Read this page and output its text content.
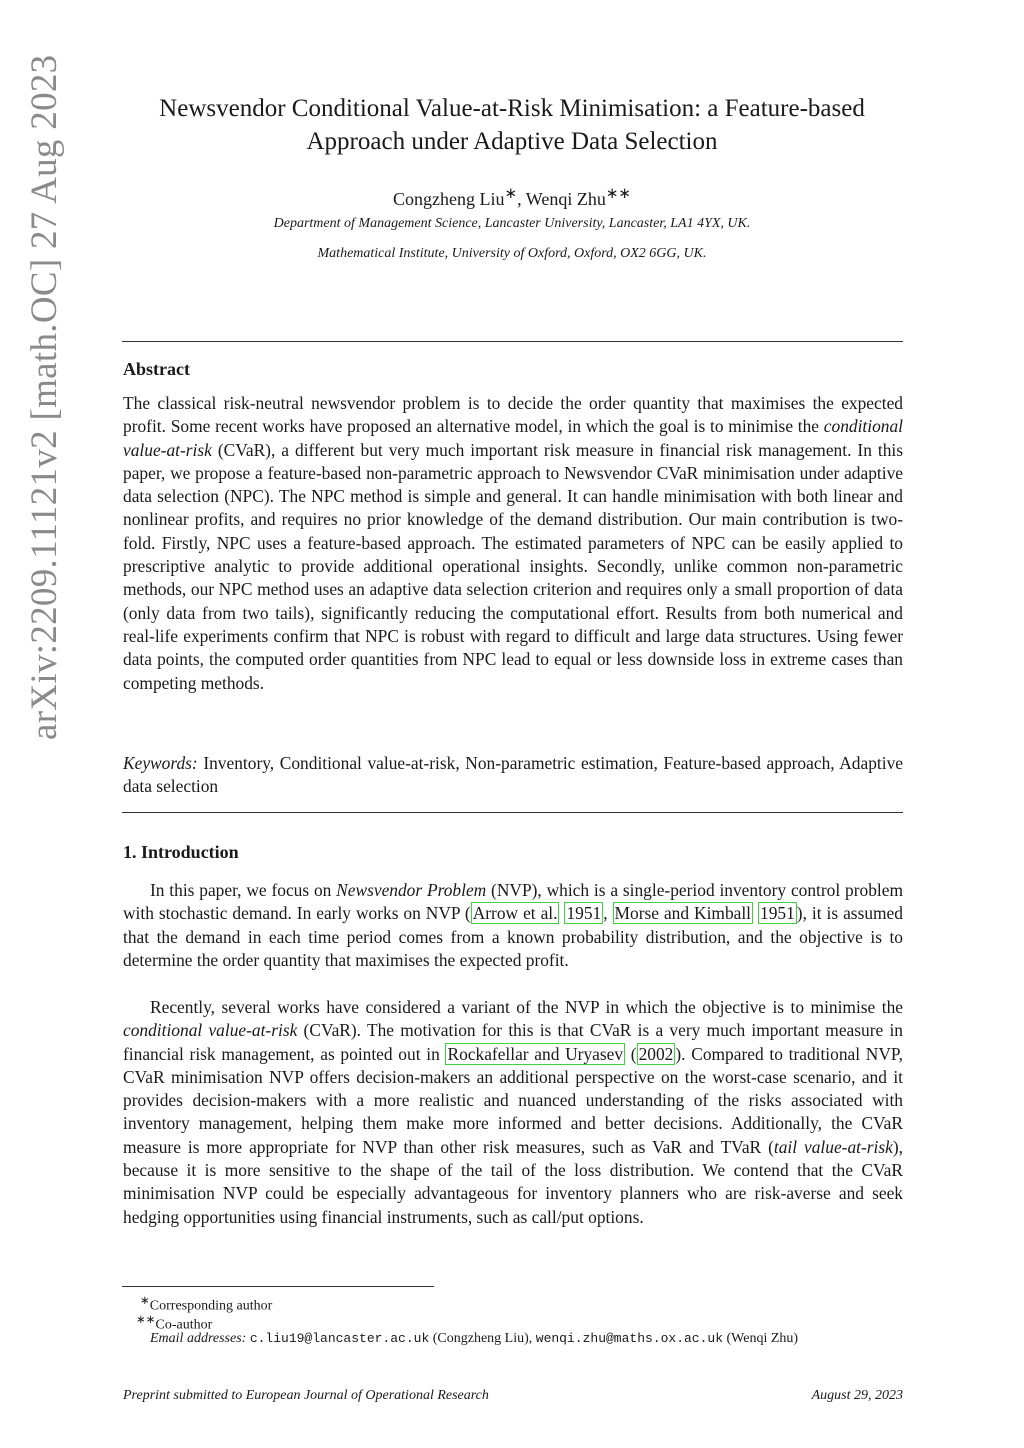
arXiv:2209.11121v2 [math.OC] 27 Aug 2023	Newsvendor Conditional Value-at-Risk Minimisation: a Feature-based
Approach under Adaptive Data Selection
Congzheng Liu∗, Wenqi Zhu∗∗
Department of Management Science, Lancaster University, Lancaster, LA1 4YX, UK.
Mathematical Institute, University of Oxford, Oxford, OX2 6GG, UK.
Abstract
The classical risk-neutral newsvendor problem is to decide the order quantity that maximises the expected profit. Some recent works have proposed an alternative model, in which the goal is to minimise the conditional value-at-risk (CVaR), a different but very much important risk measure in financial risk management. In this paper, we propose a feature-based non-parametric approach to Newsvendor CVaR minimisation under adaptive data selection (NPC). The NPC method is simple and general. It can handle minimisation with both linear and nonlinear profits, and requires no prior knowledge of the demand distribution. Our main contribution is two-fold. Firstly, NPC uses a feature-based approach. The estimated parameters of NPC can be easily applied to prescriptive analytic to provide additional operational insights. Secondly, unlike common non-parametric methods, our NPC method uses an adaptive data selection criterion and requires only a small proportion of data (only data from two tails), significantly reducing the computational effort. Results from both numerical and real-life experiments confirm that NPC is robust with regard to difficult and large data structures. Using fewer data points, the computed order quantities from NPC lead to equal or less downside loss in extreme cases than competing methods.
Keywords: Inventory, Conditional value-at-risk, Non-parametric estimation, Feature-based approach, Adaptive data selection
1. Introduction
In this paper, we focus on Newsvendor Problem (NVP), which is a single-period inventory control problem with stochastic demand. In early works on NVP ( Arrow et al. 1951 , Morse and Kimball 1951 ), it is assumed that the demand in each time period comes from a known probability distribution, and the objective is to determine the order quantity that maximises the expected profit.
Recently, several works have considered a variant of the NVP in which the objective is to minimise the conditional value-at-risk (CVaR). The motivation for this is that CVaR is a very much important measure in financial risk management, as pointed out in Rockafellar and Uryasev ( 2002 ). Compared to traditional NVP, CVaR minimisation NVP offers decision-makers an additional perspective on the worst-case scenario, and it provides decision-makers with a more realistic and nuanced understanding of the risks associated with inventory management, helping them make more informed and better decisions. Additionally, the CVaR measure is more appropriate for NVP than other risk measures, such as VaR and TVaR (tail value-at-risk), because it is more sensitive to the shape of the tail of the loss distribution. We contend that the CVaR minimisation NVP could be especially advantageous for inventory planners who are risk-averse and seek hedging opportunities using financial instruments, such as call/put options.
∗Corresponding author
∗∗Co-author
Email addresses: c.liu19@lancaster.ac.uk (Congzheng Liu), wenqi.zhu@maths.ox.ac.uk (Wenqi Zhu)
Preprint submitted to European Journal of Operational Research	August 29, 2023
